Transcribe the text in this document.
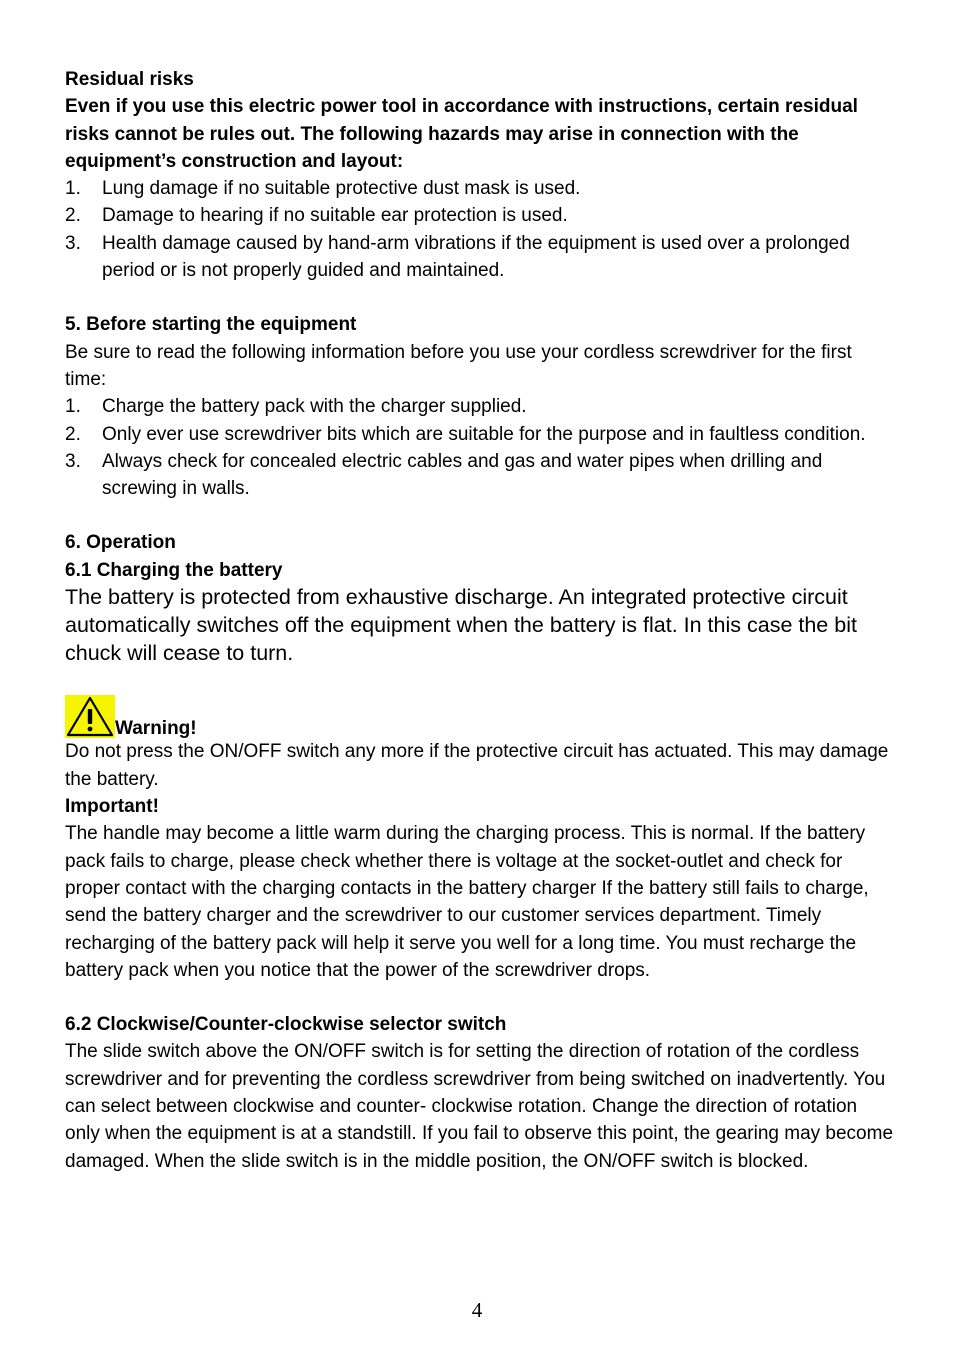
Residual risks

Even if you use this electric power tool in accordance with instructions, certain residual risks cannot be rules out. The following hazards may arise in connection with the equipment’s construction and layout:

1. Lung damage if no suitable protective dust mask is used.
2. Damage to hearing if no suitable ear protection is used.
3. Health damage caused by hand-arm vibrations if the equipment is used over a prolonged period or is not properly guided and maintained.

5. Before starting the equipment

Be sure to read the following information before you use your cordless screwdriver for the first time:

1. Charge the battery pack with the charger supplied.
2. Only ever use screwdriver bits which are suitable for the purpose and in faultless condition.
3. Always check for concealed electric cables and gas and water pipes when drilling and screwing in walls.

6. Operation

6.1 Charging the battery

The battery is protected from exhaustive discharge. An integrated protective circuit automatically switches off the equipment when the battery is flat. In this case the bit chuck will cease to turn.

Warning!

Do not press the ON/OFF switch any more if the protective circuit has actuated. This may damage the battery.

Important!

The handle may become a little warm during the charging process. This is normal. If the battery pack fails to charge, please check whether there is voltage at the socket-outlet and check for proper contact with the charging contacts in the battery charger If the battery still fails to charge, send the battery charger and the screwdriver to our customer services department. Timely recharging of the battery pack will help it serve you well for a long time. You must recharge the battery pack when you notice that the power of the screwdriver drops.

6.2 Clockwise/Counter-clockwise selector switch

The slide switch above the ON/OFF switch is for setting the direction of rotation of the cordless screwdriver and for preventing the cordless screwdriver from being switched on inadvertently. You can select between clockwise and counter- clockwise rotation. Change the direction of rotation only when the equipment is at a standstill. If you fail to observe this point, the gearing may become damaged. When the slide switch is in the middle position, the ON/OFF switch is blocked.

4
